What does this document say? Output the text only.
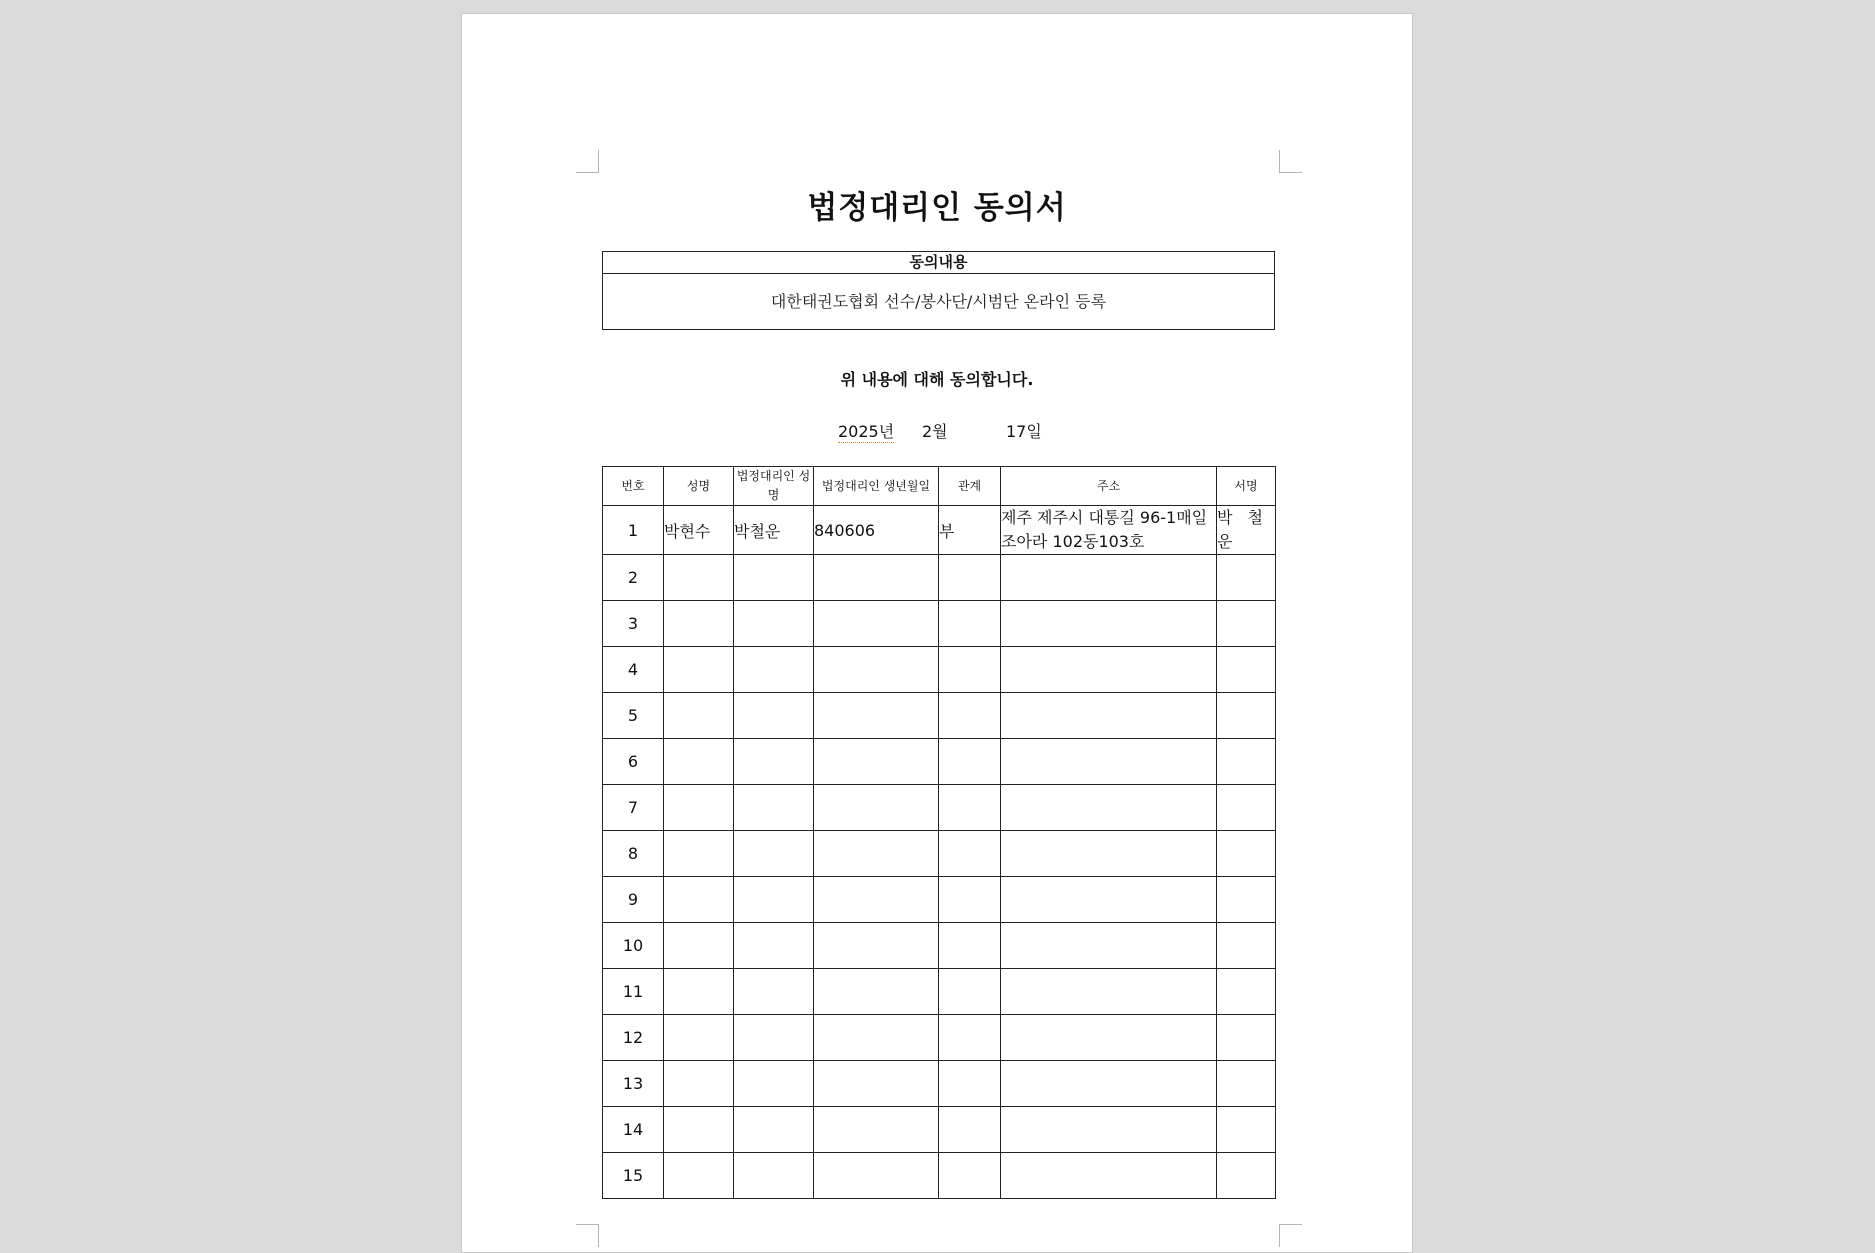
법정대리인 동의서
동의내용
대한태권도협회 선수/봉사단/시범단 온라인 등록
위 내용에 대해 동의합니다.
2025년 2월	17일
번호	성명	법정대리인 성명	법정대리인 생년월일	관계	주소	서명
1	박현수	박철운	840606	부	제주 제주시 대통길 96-1매일조아라 102동103호	박 철운
2						
3						
4						
5						
6						
7						
8						
9						
10						
11						
12						
13						
14						
15						
